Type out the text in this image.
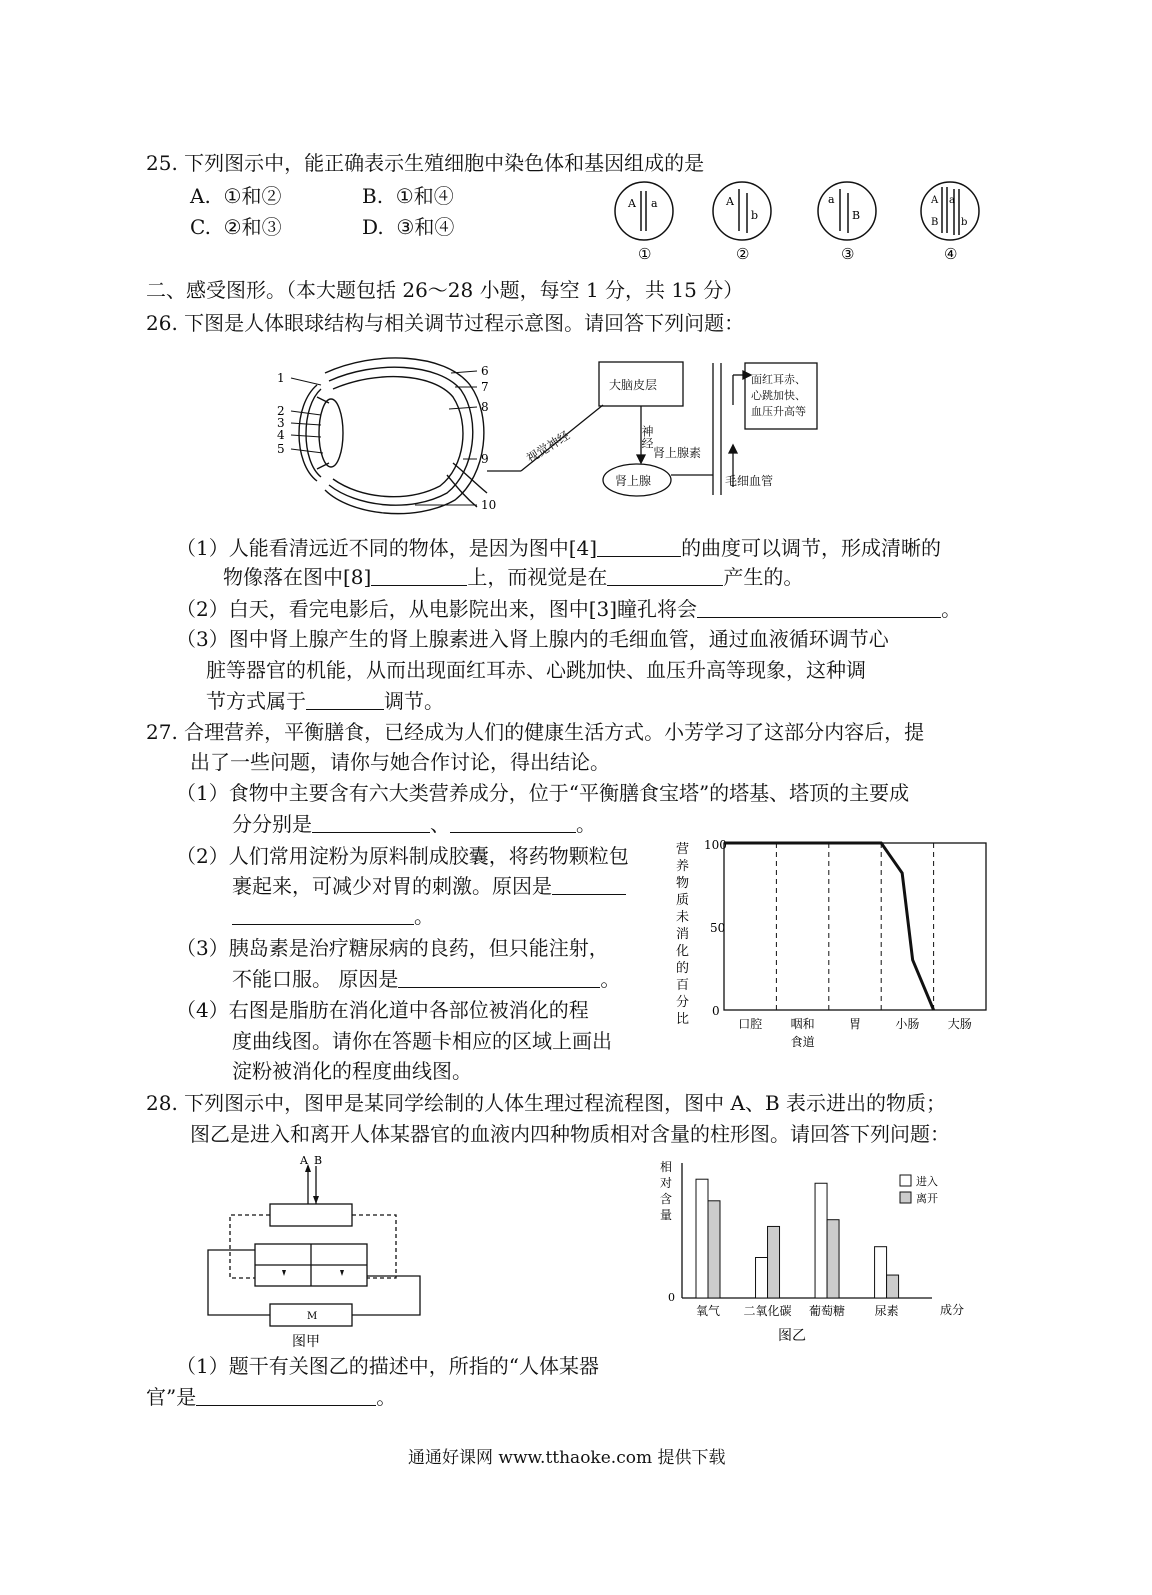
25. 下列图示中，能正确表示生殖细胞中染色体和基因组成的是
A. ①和②	B. ①和④
C. ②和③	D. ③和④
A a
①
A
b
②
a
B
③
A
B
a
b
④
二、感受图形。（本大题包括 26～28 小题，每空 1 分，共 15 分）
26. 下图是人体眼球结构与相关调节过程示意图。请回答下列问题：
1
2
3
4
5
6
7
8
9
10
视觉神经
大脑皮层
神经
肾上腺
肾上腺素
毛细血管
面红耳赤、
心跳加快、
血压升高等
（1）人能看清远近不同的物体，是因为图中[4]	的曲度可以调节，形成清晰的
物像落在图中[8]	上，而视觉是在	产生的。
（2）白天，看完电影后，从电影院出来，图中[3]瞳孔将会	。
（3）图中肾上腺产生的肾上腺素进入肾上腺内的毛细血管，通过血液循环调节心
脏等器官的机能，从而出现面红耳赤、心跳加快、血压升高等现象，这种调
节方式属于	调节。
27. 合理营养，平衡膳食，已经成为人们的健康生活方式。小芳学习了这部分内容后，提
出了一些问题，请你与她合作讨论，得出结论。
（1）食物中主要含有六大类营养成分，位于“平衡膳食宝塔”的塔基、塔顶的主要成
分分别是	、	。
（2）人们常用淀粉为原料制成胶囊，将药物颗粒包
裹起来，可减少对胃的刺激。原因是
。
（3）胰岛素是治疗糖尿病的良药，但只能注射，
不能口服。 原因是	。
（4）右图是脂肪在消化道中各部位被消化的程
度曲线图。请你在答题卡相应的区域上画出
淀粉被消化的程度曲线图。
营
养
物
质
未
消
化
的
百
分
比
100
50
0
口腔 咽和
食道
胃	小肠 大肠
28. 下列图示中，图甲是某同学绘制的人体生理过程流程图，图中 A、B 表示进出的物质；
图乙是进入和离开人体某器官的血液内四种物质相对含量的柱形图。请回答下列问题：
A B
M
图甲
相
对
含
量
0
氧气 二氧化碳 葡萄糖 尿素	成分
进入
离开
图乙
（1）题干有关图乙的描述中，所指的“人体某器
官”是	。
通通好课网 www.tthaoke.com 提供下载
